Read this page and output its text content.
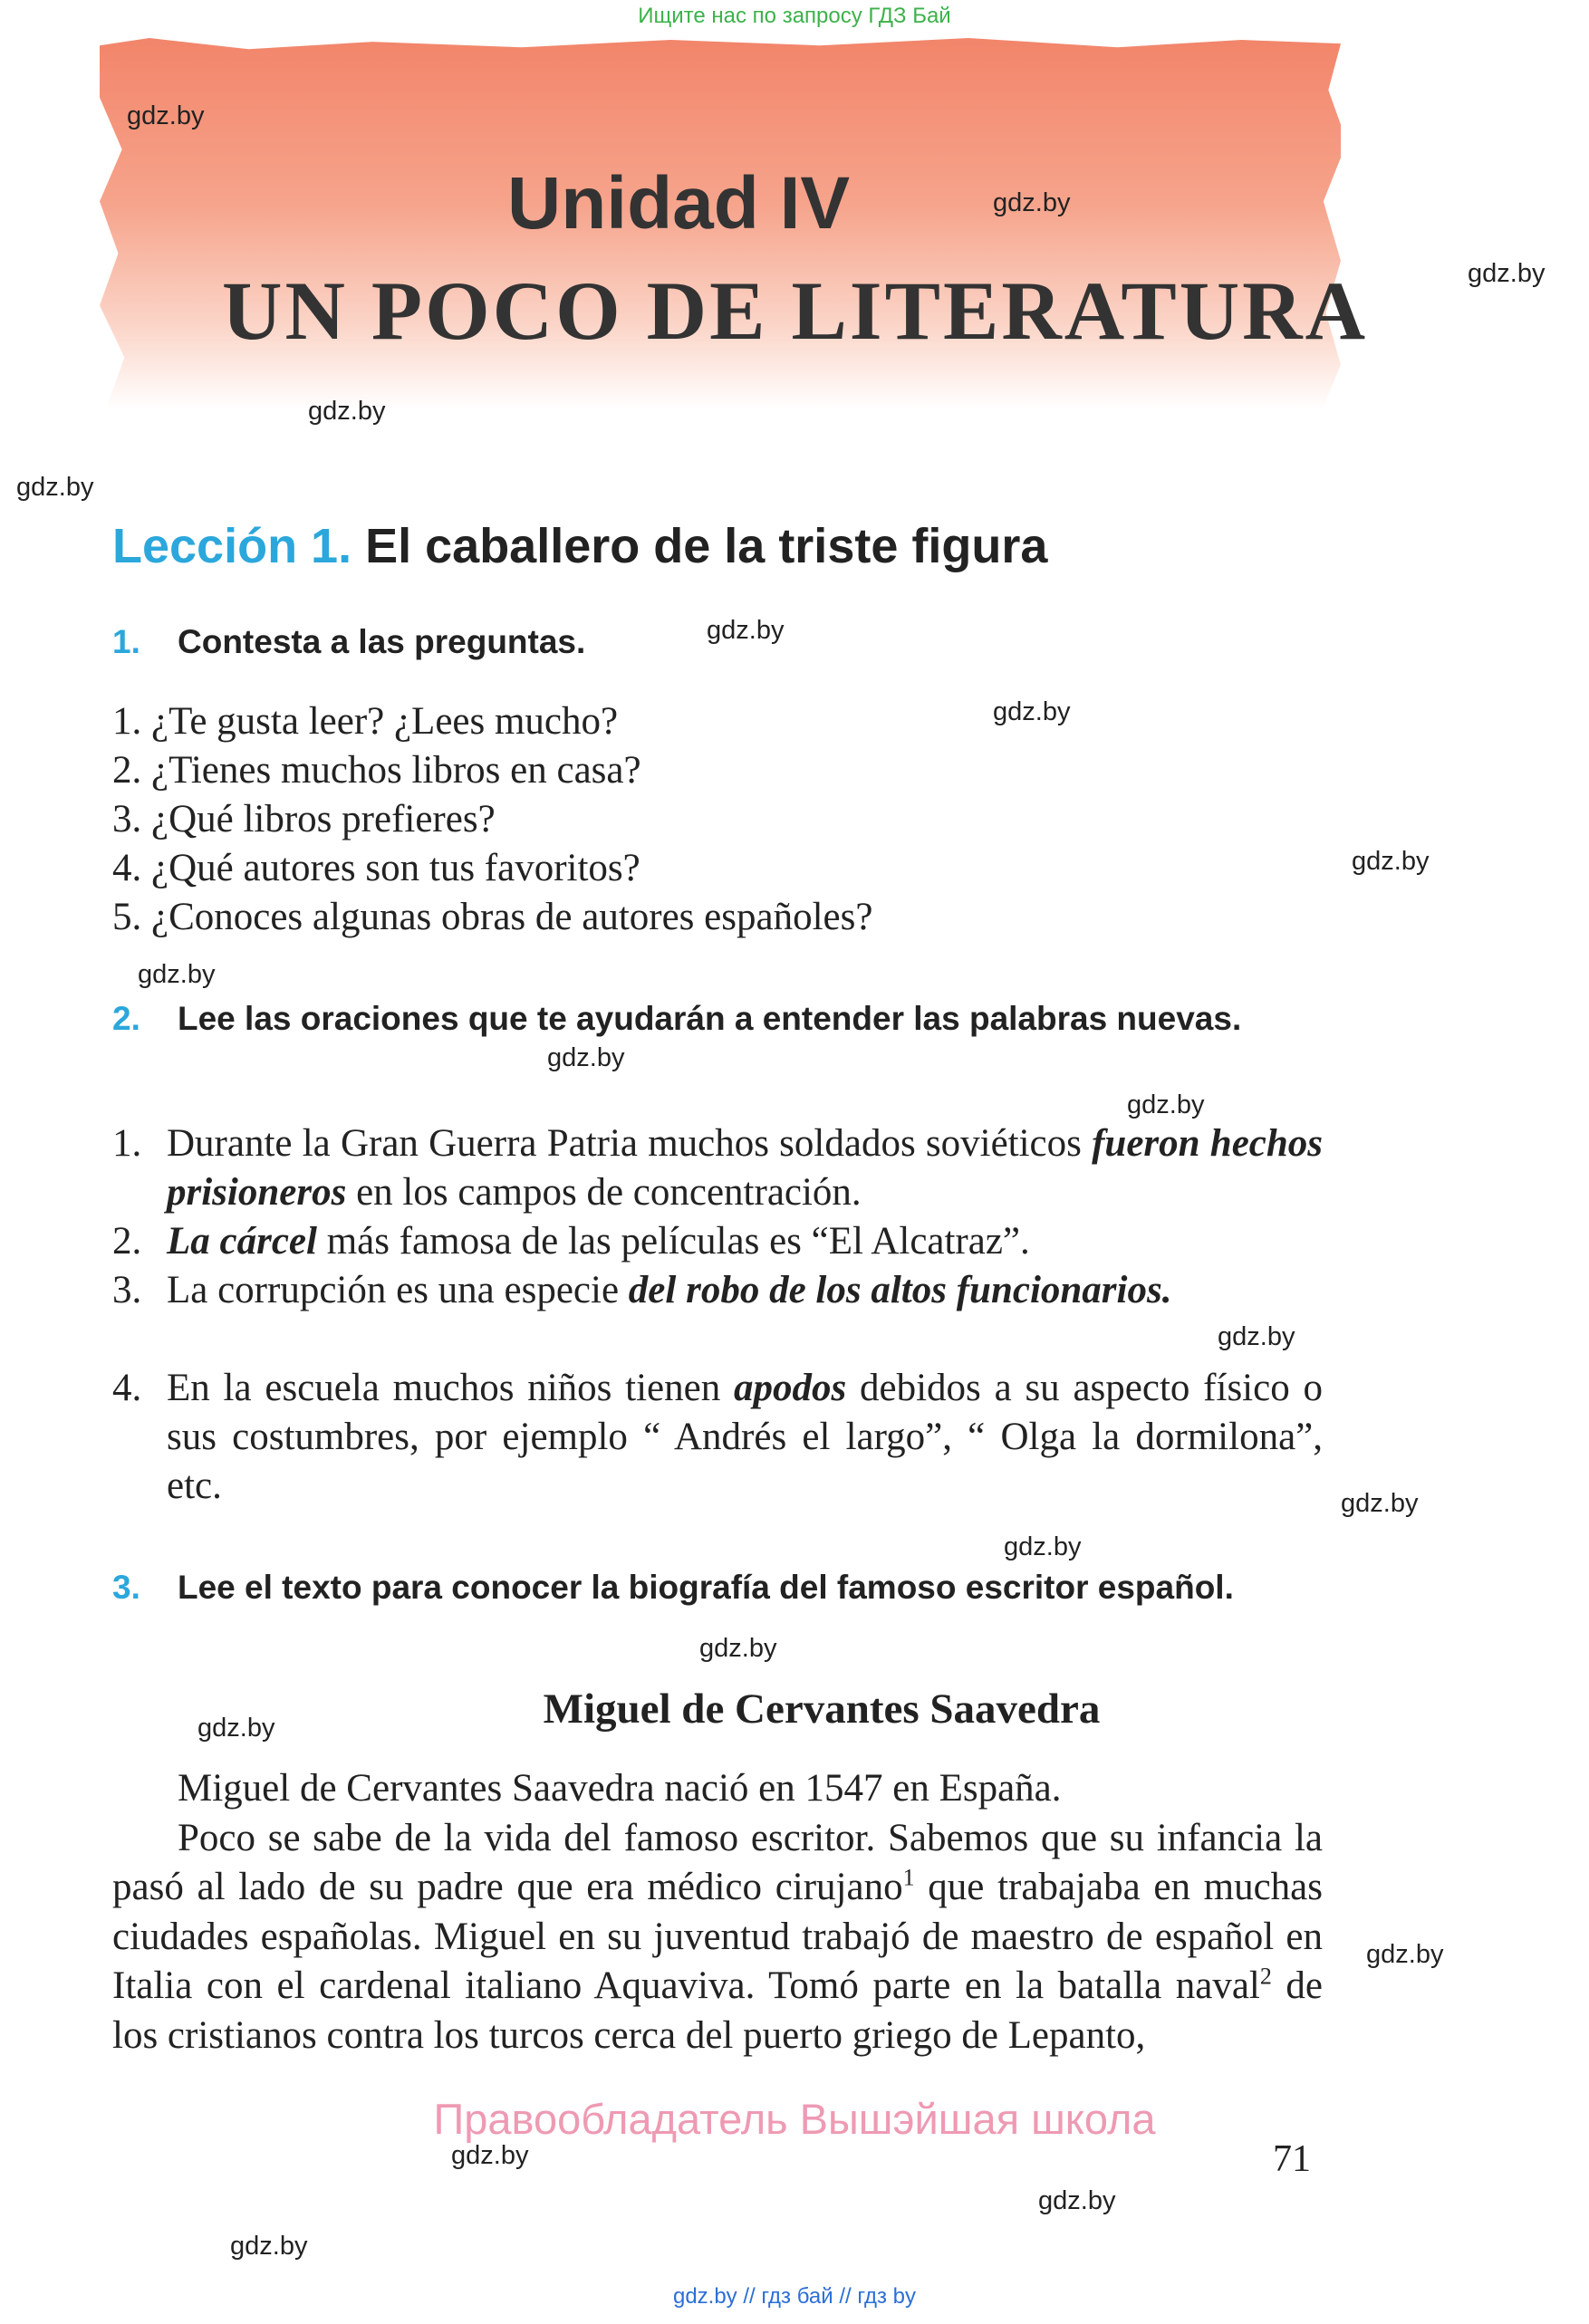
Ищите нас по запросу ГДЗ Бай
Unidad IV
UN POCO DE LITERATURA
gdz.by
gdz.by
gdz.by
gdz.by
gdz.by
gdz.by
gdz.by
gdz.by
gdz.by
gdz.by
gdz.by
gdz.by
gdz.by
gdz.by
gdz.by
gdz.by
gdz.by
gdz.by
gdz.by
gdz.by
Lección 1. El caballero de la triste figura
1. Contesta a las preguntas.
1. ¿Te gusta leer? ¿Lees mucho?
2. ¿Tienes muchos libros en casa?
3. ¿Qué libros prefieres?
4. ¿Qué autores son tus favoritos?
5. ¿Conoces algunas obras de autores españoles?
2. Lee las oraciones que te ayudarán a entender las palabras nuevas.
1. Durante la Gran Guerra Patria muchos soldados soviéticos fueron hechos prisioneros en los campos de concentración.
2. La cárcel más famosa de las películas es “El Alcatraz”.
3. La corrupción es una especie del robo de los altos funcionarios.
4. En la escuela muchos niños tienen apodos debidos a su aspecto físico o sus costumbres, por ejemplo “ Andrés el largo”, “ Olga la dormilona”, etc.
3. Lee el texto para conocer la biografía del famoso escritor español.
Miguel de Cervantes Saavedra

Miguel de Cervantes Saavedra nació en 1547 en España.

Poco se sabe de la vida del famoso escritor. Sabemos que su infancia la pasó al lado de su padre que era médico cirujano$^1$ que trabajaba en muchas ciudades españolas. Miguel en su juventud trabajó de maestro de español en Italia con el cardenal italiano Aquaviva. Tomó parte en la batalla naval$^2$ de los cristianos contra los turcos cerca del puerto griego de Lepanto,

Правообладатель Вышэйшая школа
71
gdz.by // гдз бай // гдз by
